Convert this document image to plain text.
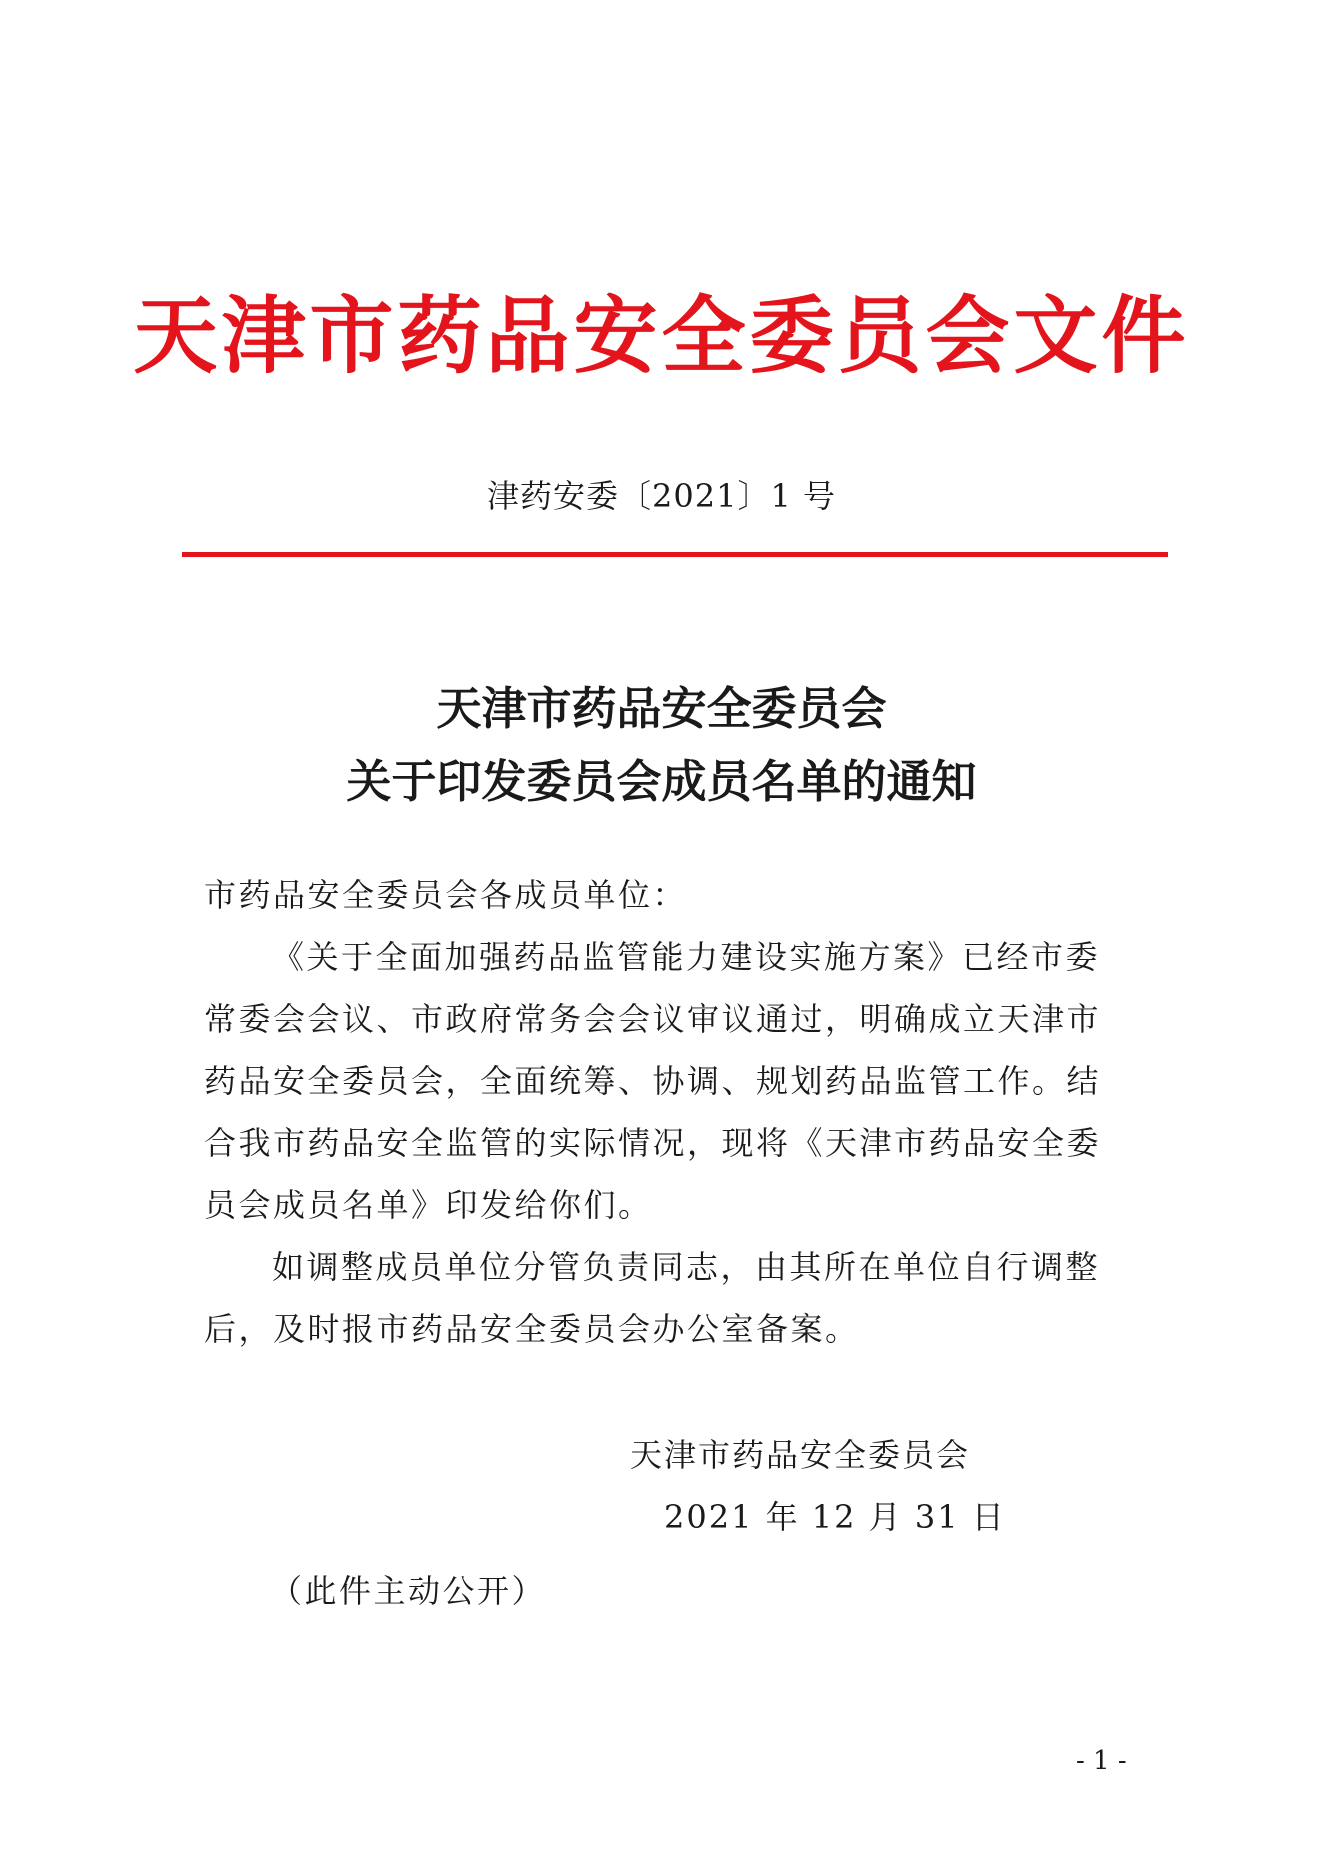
天津市药品安全委员会文件
津药安委〔2021〕1 号
天津市药品安全委员会
关于印发委员会成员名单的通知
市药品安全委员会各成员单位：
《关于全面加强药品监管能力建设实施方案》已经市委
常委会会议、市政府常务会会议审议通过，明确成立天津市
药品安全委员会，全面统筹、协调、规划药品监管工作。结
合我市药品安全监管的实际情况，现将《天津市药品安全委
员会成员名单》印发给你们。
如调整成员单位分管负责同志，由其所在单位自行调整
后，及时报市药品安全委员会办公室备案。
天津市药品安全委员会
2021 年 12 月 31 日
（此件主动公开）
- 1 -
